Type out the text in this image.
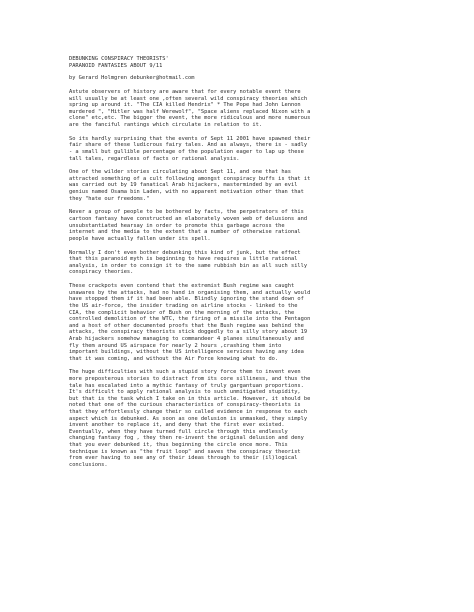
DEBUNKING CONSPIRACY THEORISTS'
PARANOID FANTASIES ABOUT 9/11
by Gerard Holmgren debunker@hotmail.com
Astute observers of history are aware that for every notable event there
will usually be at least one ,often several wild conspiracy theories which
spring up around it. "The CIA killed Hendrix" * The Pope had John Lennon
murdered ", "Hitler was half Werewolf", "Space aliens replaced Nixon with a
clone" etc,etc. The bigger the event, the more ridiculous and more numerous
are the fanciful rantings which circulate in relation to it.
So its hardly surprising that the events of Sept 11 2001 have spawned their
fair share of these ludicrous fairy tales. And as always, there is - sadly
- a small but gullible percentage of the population eager to lap up these
tall tales, regardless of facts or rational analysis.
One of the wilder stories circulating about Sept 11, and one that has
attracted something of a cult following amongst conspiracy buffs is that it
was carried out by 19 fanatical Arab hijackers, masterminded by an evil
genius named Osama bin Laden, with no apparent motivation other than that
they "hate our freedoms."
Never a group of people to be bothered by facts, the perpetrators of this
cartoon fantasy have constructed an elaborately woven web of delusions and
unsubstantiated hearsay in order to promote this garbage across the
internet and the media to the extent that a number of otherwise rational
people have actually fallen under its spell.
Normally I don't even bother debunking this kind of junk, but the effect
that this paranoid myth is beginning to have requires a little rational
analysis, in order to consign it to the same rubbish bin as all such silly
conspiracy theories.
These crackpots even contend that the extremist Bush regime was caught
unawares by the attacks, had no hand in organising them, and actually would
have stopped them if it had been able. Blindly ignoring the stand down of
the US air-force, the insider trading on airline stocks - linked to the
CIA, the complicit behavior of Bush on the morning of the attacks, the
controlled demolition of the WTC, the firing of a missile into the Pentagon
and a host of other documented proofs that the Bush regime was behind the
attacks, the conspiracy theorists stick doggedly to a silly story about 19
Arab hijackers somehow managing to commandeer 4 planes simultaneously and
fly them around US airspace for nearly 2 hours ,crashing them into
important buildings, without the US intelligence services having any idea
that it was coming, and without the Air Force knowing what to do.
The huge difficulties with such a stupid story force them to invent even
more preposterous stories to distract from its core silliness, and thus the
tale has escalated into a mythic fantasy of truly gargantuan proportions.
It's difficult to apply rational analysis to such unmitigated stupidity,
but that is the task which I take on in this article. However, it should be
noted that one of the curious characteristics of conspiracy-theorists is
that they effortlessly change their so called evidence in response to each
aspect which is debunked. As soon as one delusion is unmasked, they simply
invent another to replace it, and deny that the first ever existed.
Eventually, when they have turned full circle through this endlessly
changing fantasy fog , they then re-invent the original delusion and deny
that you ever debunked it, thus beginning the circle once more. This
technique is known as "the fruit loop" and saves the conspiracy theorist
from ever having to see any of their ideas through to their (il)logical
conclusions.
